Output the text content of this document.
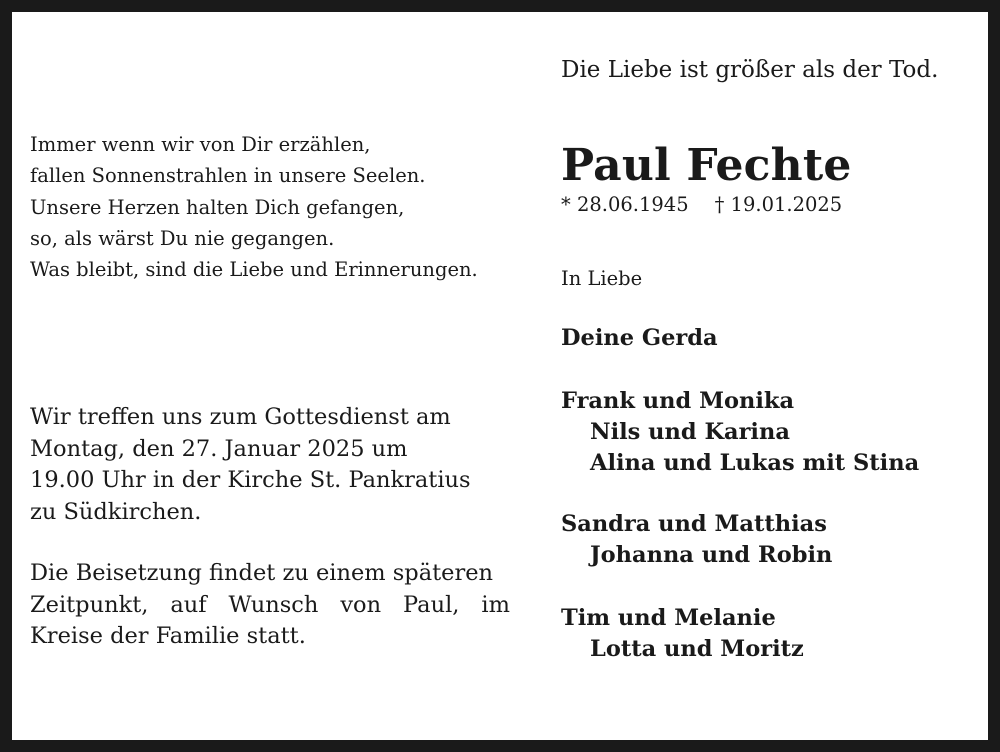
Immer wenn wir von Dir erzählen,
fallen Sonnenstrahlen in unsere Seelen.
Unsere Herzen halten Dich gefangen,
so, als wärst Du nie gegangen.
Was bleibt, sind die Liebe und Erinnerungen.
Wir treffen uns zum Gottesdienst am
Montag, den 27. Januar 2025 um
19.00 Uhr in der Kirche St. Pankratius
zu Südkirchen.
Die Beisetzung findet zu einem späteren
Zeitpunkt, auf Wunsch von Paul, im
Kreise der Familie statt.
Die Liebe ist größer als der Tod.
Paul Fechte
* 28.06.1945 † 19.01.2025
In Liebe
Deine Gerda
Frank und Monika
Nils und Karina
Alina und Lukas mit Stina
Sandra und Matthias
Johanna und Robin
Tim und Melanie
Lotta und Moritz
